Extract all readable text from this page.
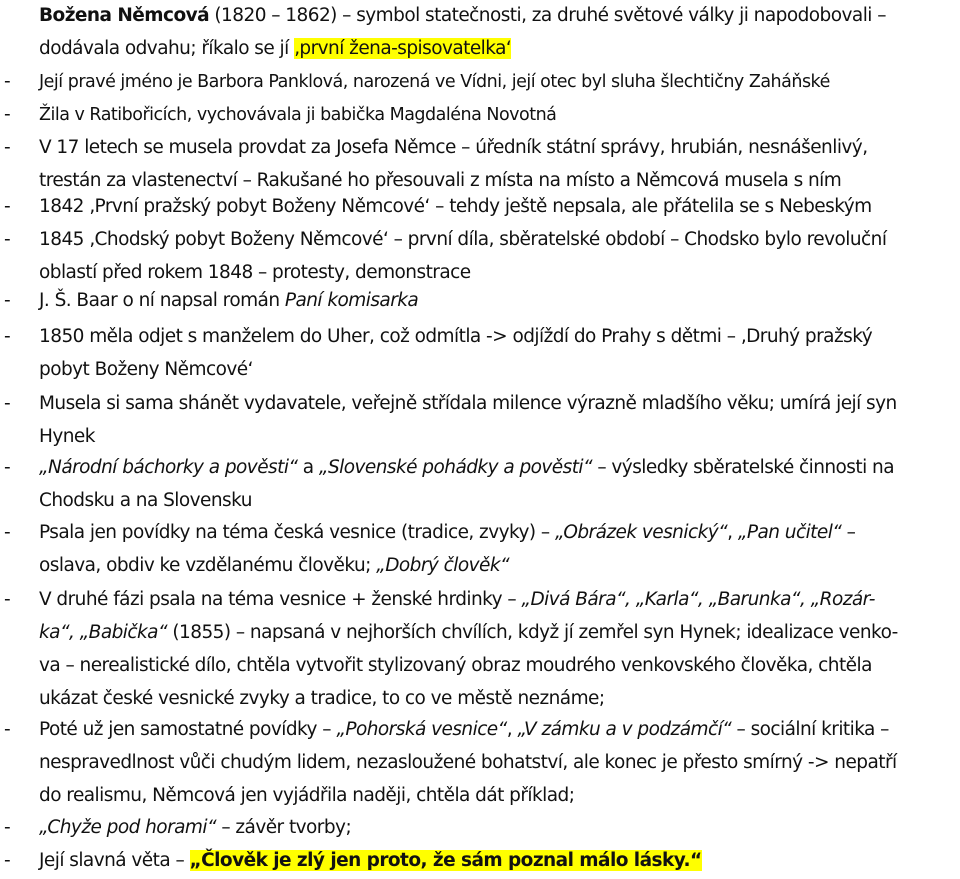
Božena Němcová (1820 – 1862) – symbol statečnosti, za druhé světové války ji napodobovali –
dodávala odvahu; říkalo se jí ‚první žena-spisovatelka‘
- Její pravé jméno je Barbora Panklová, narozená ve Vídni, její otec byl sluha šlechtičny Zaháňské
- Žila v Ratibořicích, vychovávala ji babička Magdaléna Novotná
- V 17 letech se musela provdat za Josefa Němce – úředník státní správy, hrubián, nesnášenlivý,
trestán za vlastenectví – Rakušané ho přesouvali z místa na místo a Němcová musela s ním
- 1842 ‚První pražský pobyt Boženy Němcové‘ – tehdy ještě nepsala, ale přátelila se s Nebeským
- 1845 ‚Chodský pobyt Boženy Němcové‘ – první díla, sběratelské období – Chodsko bylo revoluční
oblastí před rokem 1848 – protesty, demonstrace
- J. Š. Baar o ní napsal román Paní komisarka
- 1850 měla odjet s manželem do Uher, což odmítla -> odjíždí do Prahy s dětmi – ‚Druhý pražský
pobyt Boženy Němcové‘
- Musela si sama shánět vydavatele, veřejně střídala milence výrazně mladšího věku; umírá její syn
Hynek
- „Národní báchorky a pověsti“ a „Slovenské pohádky a pověsti“ – výsledky sběratelské činnosti na
Chodsku a na Slovensku
- Psala jen povídky na téma česká vesnice (tradice, zvyky) – „Obrázek vesnický“, „Pan učitel“ –
oslava, obdiv ke vzdělanému člověku; „Dobrý člověk“
- V druhé fázi psala na téma vesnice + ženské hrdinky – „Divá Bára“, „Karla“, „Barunka“, „Rozár-
ka“, „Babička“ (1855) – napsaná v nejhorších chvílích, když jí zemřel syn Hynek; idealizace venko-
va – nerealistické dílo, chtěla vytvořit stylizovaný obraz moudrého venkovského člověka, chtěla
ukázat české vesnické zvyky a tradice, to co ve městě neznáme;
- Poté už jen samostatné povídky – „Pohorská vesnice“, „V zámku a v podzámčí“ – sociální kritika –
nespravedlnost vůči chudým lidem, nezasloužené bohatství, ale konec je přesto smírný -> nepatří
do realismu, Němcová jen vyjádřila naději, chtěla dát příklad;
- „Chyže pod horami“ – závěr tvorby;
- Její slavná věta – „Člověk je zlý jen proto, že sám poznal málo lásky.“
